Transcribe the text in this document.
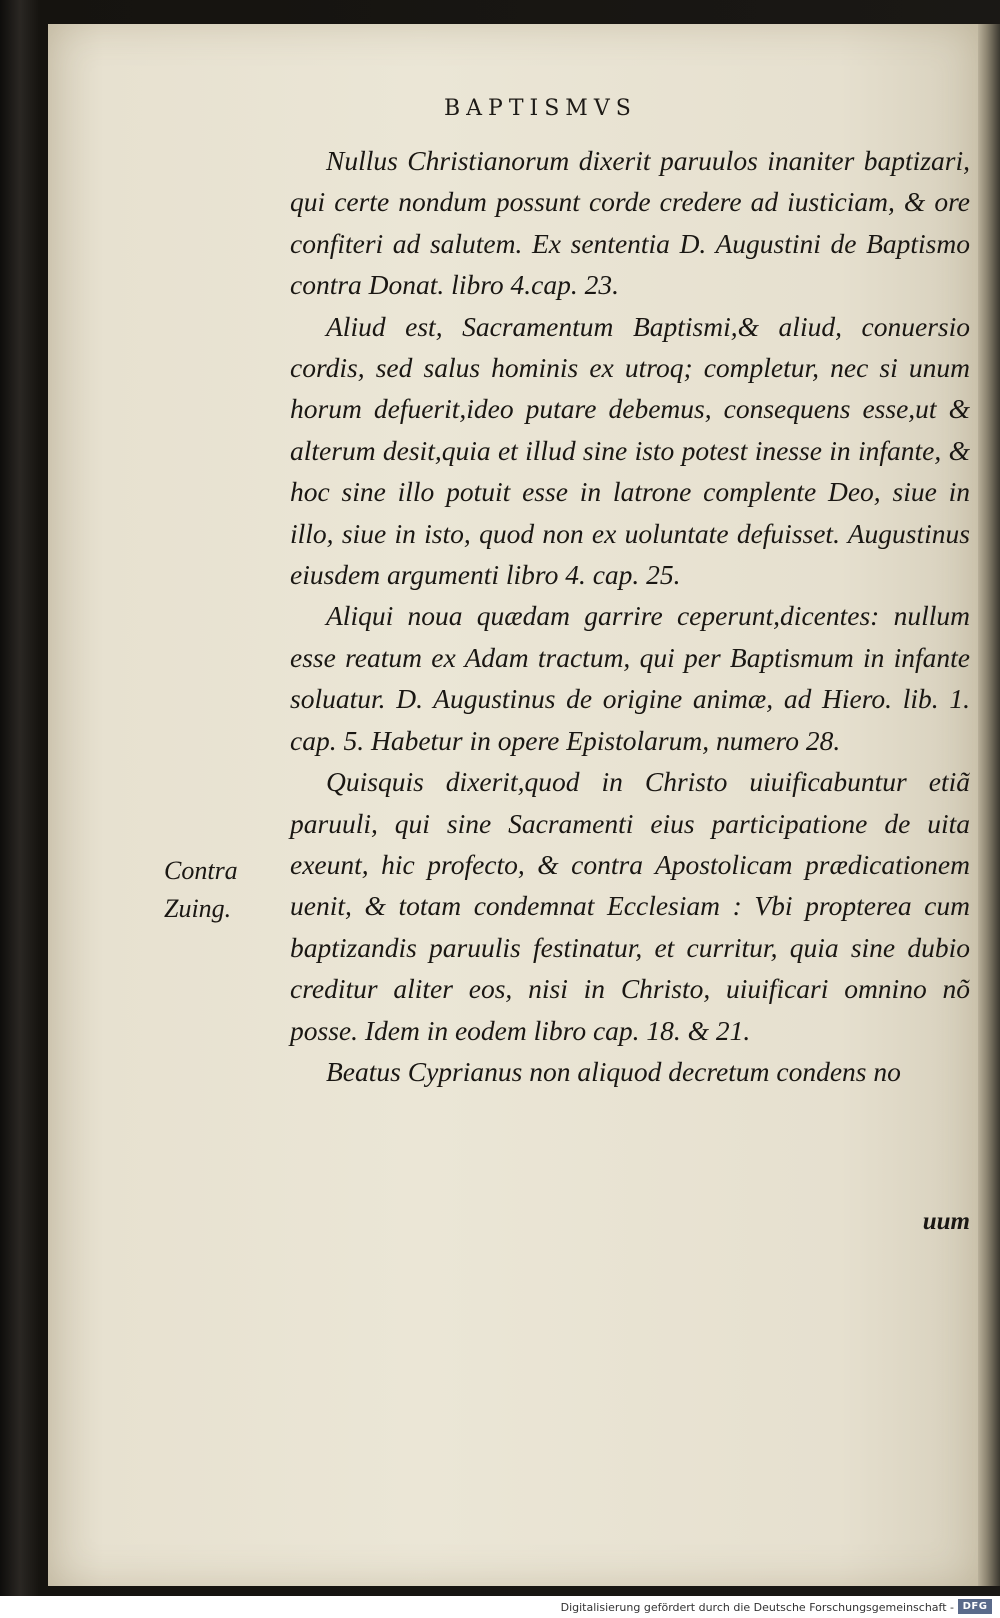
BAPTISMVS
Contra
Zuing.

Nullus Christianorum dixerit paruulos inaniter baptizari, qui certe nondum possunt corde credere ad iusticiam, & ore confiteri ad salutem. Ex sententia D. Augustini de Baptismo contra Donat. libro 4.cap. 23.

Aliud est, Sacramentum Baptismi,& aliud, conuersio cordis, sed salus hominis ex utroq; completur, nec si unum horum defuerit,ideo putare debemus, consequens esse,ut & alterum desit,quia et illud sine isto potest inesse in infante, & hoc sine illo potuit esse in latrone complente Deo, siue in illo, siue in isto, quod non ex uoluntate defuisset. Augustinus eiusdem argumenti libro 4. cap. 25.

Aliqui noua quædam garrire ceperunt,dicentes: nullum esse reatum ex Adam tractum, qui per Baptismum in infante soluatur. D. Augustinus de origine animæ, ad Hiero. lib. 1. cap. 5. Habetur in opere Epistolarum, numero 28.

Quisquis dixerit,quod in Christo uiuificabuntur etiã paruuli, qui sine Sacramenti eius participatione de uita exeunt, hic profecto, & contra Apostolicam prædicationem uenit, & totam condemnat Ecclesiam : Vbi propterea cum baptizandis paruulis festinatur, et curritur, quia sine dubio creditur aliter eos, nisi in Christo, uiuificari omnino nõ posse. Idem in eodem libro cap. 18. & 21.

Beatus Cyprianus non aliquod decretum condens no

uum
Digitalisierung gefördert durch die Deutsche Forschungsgemeinschaft - DFG
